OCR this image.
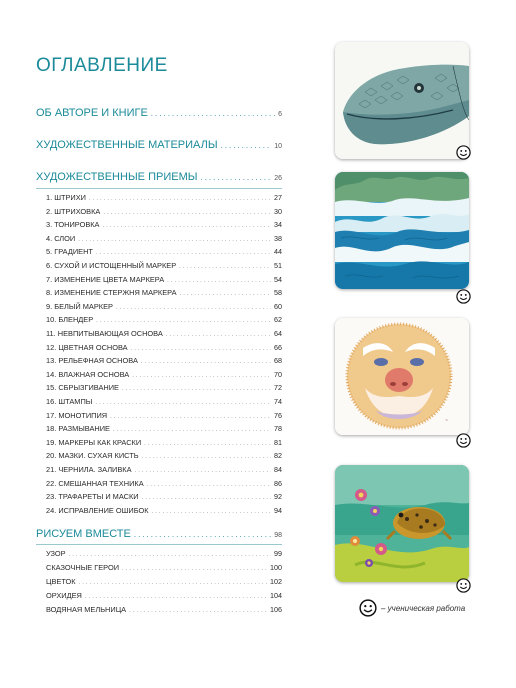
ОГЛАВЛЕНИЕ
ОБ АВТОРЕ И КНИГЕ .....	6
ХУДОЖЕСТВЕННЫЕ МАТЕРИАЛЫ .....	10
ХУДОЖЕСТВЕННЫЕ ПРИЕМЫ .....	26
1. ШТРИХИ .....	27
2. ШТРИХОВКА .....	30
3. ТОНИРОВКА .....	34
4. СЛОИ .....	38
5. ГРАДИЕНТ .....	44
6. СУХОЙ И ИСТОЩЕННЫЙ МАРКЕР .....	51
7. ИЗМЕНЕНИЕ ЦВЕТА МАРКЕРА .....	54
8. ИЗМЕНЕНИЕ СТЕРЖНЯ МАРКЕРА .....	58
9. БЕЛЫЙ МАРКЕР .....	60
10. БЛЕНДЕР .....	62
11. НЕВПИТЫВАЮЩАЯ ОСНОВА .....	64
12. ЦВЕТНАЯ ОСНОВА .....	66
13. РЕЛЬЕФНАЯ ОСНОВА .....	68
14. ВЛАЖНАЯ ОСНОВА .....	70
15. СБРЫЗГИВАНИЕ .....	72
16. ШТАМПЫ .....	74
17. МОНОТИПИЯ .....	76
18. РАЗМЫВАНИЕ .....	78
19. МАРКЕРЫ КАК КРАСКИ .....	81
20. МАЗКИ. СУХАЯ КИСТЬ .....	82
21. ЧЕРНИЛА. ЗАЛИВКА .....	84
22. СМЕШАННАЯ ТЕХНИКА .....	86
23. ТРАФАРЕТЫ И МАСКИ .....	92
24. ИСПРАВЛЕНИЕ ОШИБОК .....	94
РИСУЕМ ВМЕСТЕ .....	98
УЗОР .....	99
СКАЗОЧНЫЕ ГЕРОИ .....	100
ЦВЕТОК .....	102
ОРХИДЕЯ .....	104
ВОДЯНАЯ МЕЛЬНИЦА .....	106
~
– ученическая работа
